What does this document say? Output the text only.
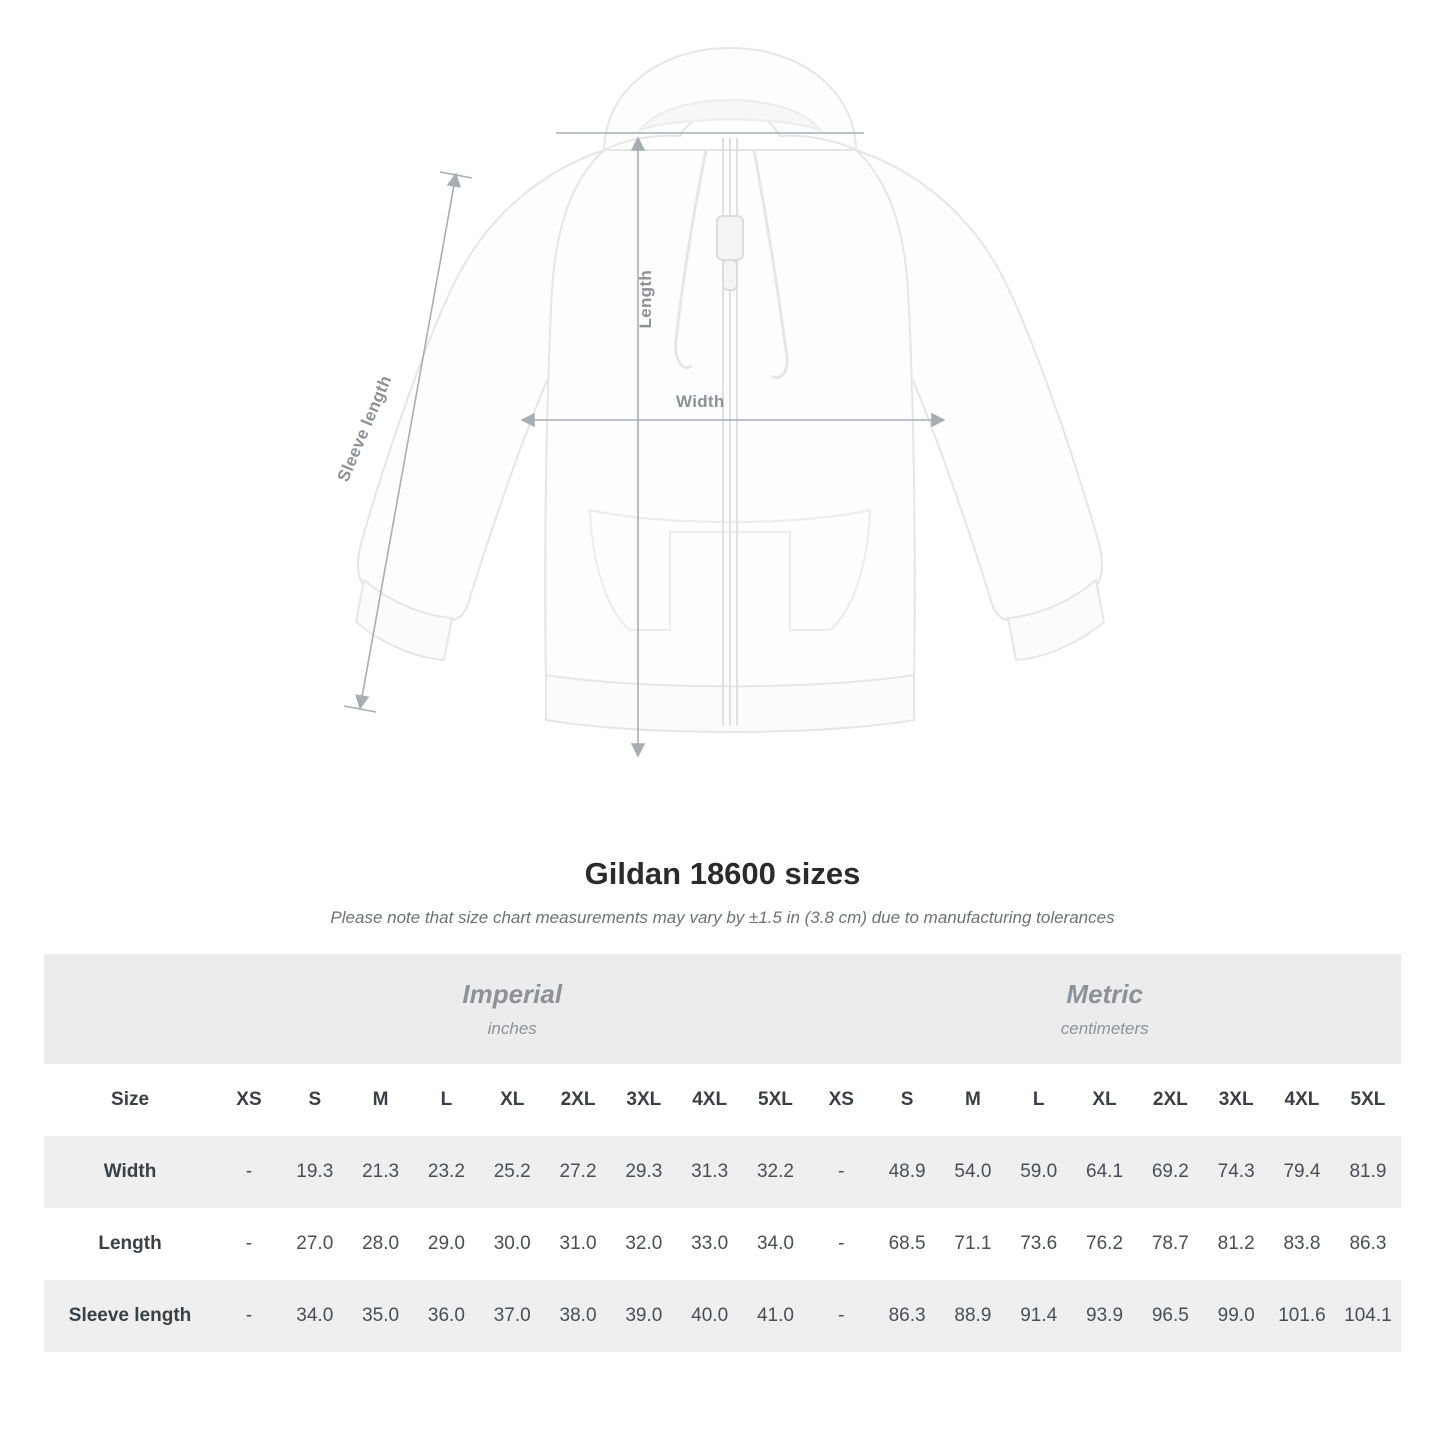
Length
Width
Sleeve length
Gildan 18600 sizes
Please note that size chart measurements may vary by ±1.5 in (3.8 cm) due to manufacturing tolerances

Imperial
inches

Metric
centimeters

Size	XS	S	M	L	XL	2XL	3XL	4XL	5XL	XS	S	M	L	XL	2XL	3XL	4XL	5XL
Width	-	19.3	21.3	23.2	25.2	27.2	29.3	31.3	32.2	-	48.9	54.0	59.0	64.1	69.2	74.3	79.4	81.9
Length	-	27.0	28.0	29.0	30.0	31.0	32.0	33.0	34.0	-	68.5	71.1	73.6	76.2	78.7	81.2	83.8	86.3
Sleeve length	-	34.0	35.0	36.0	37.0	38.0	39.0	40.0	41.0	-	86.3	88.9	91.4	93.9	96.5	99.0	101.6	104.1
